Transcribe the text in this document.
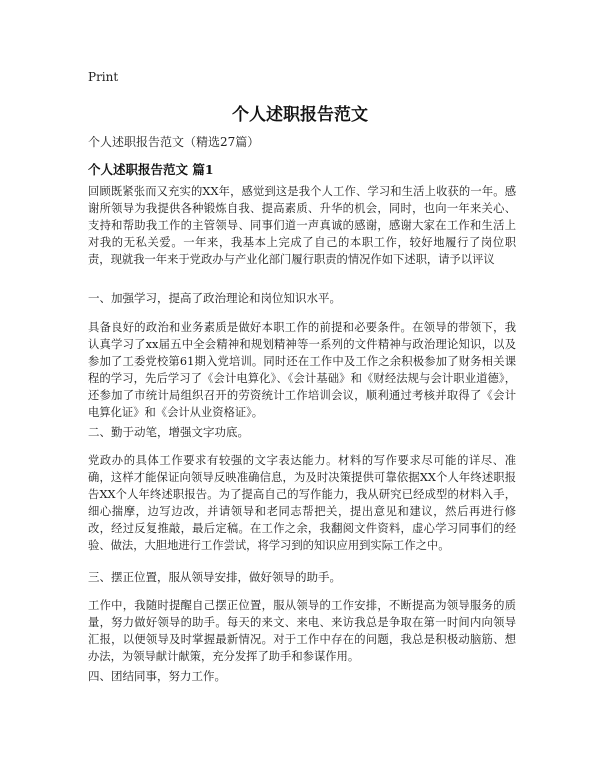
Print
个人述职报告范文
个人述职报告范文（精选27篇）
个人述职报告范文 篇1

回顾既紧张而又充实的XX年，感觉到这是我个人工作、学习和生活上收获的一年。感谢所领导为我提供各种锻炼自我、提高素质、升华的机会，同时，也向一年来关心、支持和帮助我工作的主管领导、同事们道一声真诚的感谢，感谢大家在工作和生活上对我的无私关爱。一年来，我基本上完成了自己的本职工作，较好地履行了岗位职责，现就我一年来于党政办与产业化部门履行职责的情况作如下述职，请予以评议

一、加强学习，提高了政治理论和岗位知识水平。

具备良好的政治和业务素质是做好本职工作的前提和必要条件。在领导的带领下，我认真学习了xx届五中全会精神和规划精神等一系列的文件精神与政治理论知识，以及参加了工委党校第61期入党培训。同时还在工作中及工作之余积极参加了财务相关课程的学习，先后学习了《会计电算化》、《会计基础》和《财经法规与会计职业道德》，还参加了市统计局组织召开的劳资统计工作培训会议，顺利通过考核并取得了《会计电算化证》和《会计从业资格证》。

二、勤于动笔，增强文字功底。

党政办的具体工作要求有较强的文字表达能力。材料的写作要求尽可能的详尽、准确，这样才能保证向领导反映准确信息，为及时决策提供可靠依据XX个人年终述职报告XX个人年终述职报告。为了提高自己的写作能力，我从研究已经成型的材料入手，细心揣摩，边写边改，并请领导和老同志帮把关，提出意见和建议，然后再进行修改，经过反复推敲，最后定稿。在工作之余，我翻阅文件资料，虚心学习同事们的经验、做法，大胆地进行工作尝试，将学习到的知识应用到实际工作之中。

三、摆正位置，服从领导安排，做好领导的助手。

工作中，我随时提醒自己摆正位置，服从领导的工作安排，不断提高为领导服务的质量，努力做好领导的助手。每天的来文、来电、来访我总是争取在第一时间内向领导汇报，以便领导及时掌握最新情况。对于工作中存在的问题，我总是积极动脑筋、想办法，为领导献计献策，充分发挥了助手和参谋作用。

四、团结同事，努力工作。
